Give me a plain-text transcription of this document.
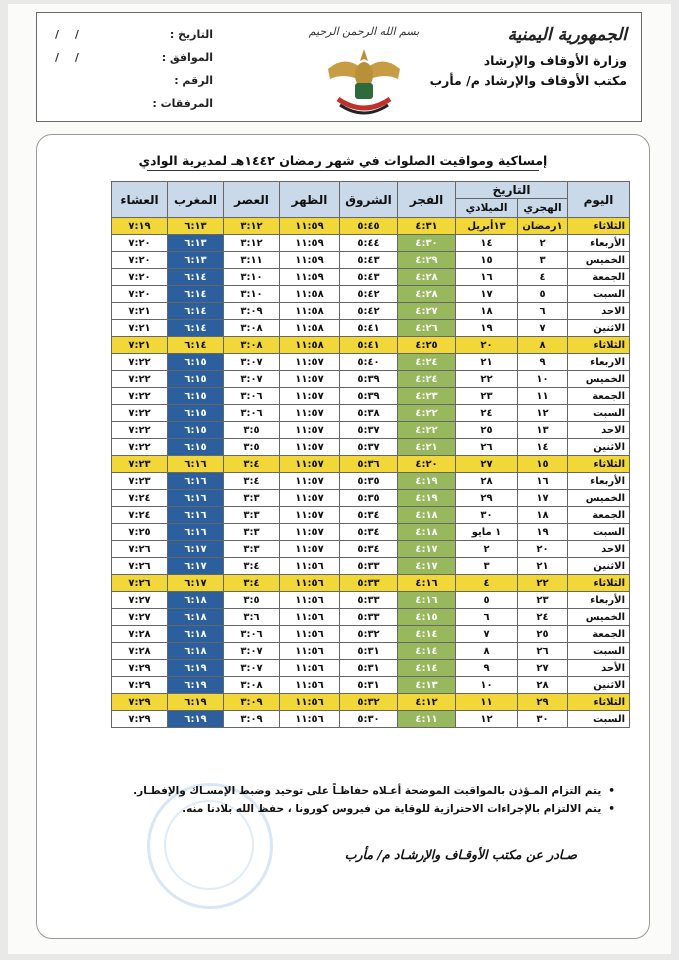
الجمهورية اليمنية
وزارة الأوقاف والإرشاد
مكتب الأوقاف والإرشاد م/ مأرب
بسم الله الرحمن الرحيم
التاريخ :
/ /
الموافق :
/ /
الرقم :
المرفقات :
إمساكية ومواقيت الصلوات في شهر رمضان ١٤٤٢هـ لمديرية الوادي
اليوم	التاريخ		الفجر	الشروق	الظهر	العصر	المغرب	العشاء
	الهجري	الميلادي						
الثلاثاء	١رمضان	١٣أبريل	٤:٣١	٥:٤٥	١١:٥٩	٣:١٢	٦:١٣	٧:١٩
الأربعاء	٢	١٤	٤:٣٠	٥:٤٤	١١:٥٩	٣:١٢	٦:١٣	٧:٢٠
الخميس	٣	١٥	٤:٢٩	٥:٤٣	١١:٥٩	٣:١١	٦:١٣	٧:٢٠
الجمعة	٤	١٦	٤:٢٨	٥:٤٣	١١:٥٩	٣:١٠	٦:١٤	٧:٢٠
السبت	٥	١٧	٤:٢٨	٥:٤٢	١١:٥٨	٣:١٠	٦:١٤	٧:٢٠
الاحد	٦	١٨	٤:٢٧	٥:٤٢	١١:٥٨	٣:٠٩	٦:١٤	٧:٢١
الاثنين	٧	١٩	٤:٢٦	٥:٤١	١١:٥٨	٣:٠٨	٦:١٤	٧:٢١
الثلاثاء	٨	٢٠	٤:٢٥	٥:٤١	١١:٥٨	٣:٠٨	٦:١٤	٧:٢١
الاربعاء	٩	٢١	٤:٢٤	٥:٤٠	١١:٥٧	٣:٠٧	٦:١٥	٧:٢٢
الخميس	١٠	٢٢	٤:٢٤	٥:٣٩	١١:٥٧	٣:٠٧	٦:١٥	٧:٢٢
الجمعة	١١	٢٣	٤:٢٣	٥:٣٩	١١:٥٧	٣:٠٦	٦:١٥	٧:٢٢
السبت	١٢	٢٤	٤:٢٢	٥:٣٨	١١:٥٧	٣:٠٦	٦:١٥	٧:٢٢
الاحد	١٣	٢٥	٤:٢٢	٥:٣٧	١١:٥٧	٣:٥	٦:١٥	٧:٢٢
الاثنين	١٤	٢٦	٤:٢١	٥:٣٧	١١:٥٧	٣:٥	٦:١٥	٧:٢٢
الثلاثاء	١٥	٢٧	٤:٢٠	٥:٣٦	١١:٥٧	٣:٤	٦:١٦	٧:٢٣
الأربعاء	١٦	٢٨	٤:١٩	٥:٣٥	١١:٥٧	٣:٤	٦:١٦	٧:٢٣
الخميس	١٧	٢٩	٤:١٩	٥:٣٥	١١:٥٧	٣:٣	٦:١٦	٧:٢٤
الجمعة	١٨	٣٠	٤:١٨	٥:٣٤	١١:٥٧	٣:٣	٦:١٦	٧:٢٤
السبت	١٩	١ مايو	٤:١٨	٥:٣٤	١١:٥٧	٣:٣	٦:١٦	٧:٢٥
الاحد	٢٠	٢	٤:١٧	٥:٣٤	١١:٥٧	٣:٣	٦:١٧	٧:٢٦
الاثنين	٢١	٣	٤:١٧	٥:٣٣	١١:٥٦	٣:٤	٦:١٧	٧:٢٦
الثلاثاء	٢٢	٤	٤:١٦	٥:٣٣	١١:٥٦	٣:٤	٦:١٧	٧:٢٦
الأربعاء	٢٣	٥	٤:١٦	٥:٣٣	١١:٥٦	٣:٥	٦:١٨	٧:٢٧
الخميس	٢٤	٦	٤:١٥	٥:٣٣	١١:٥٦	٣:٦	٦:١٨	٧:٢٧
الجمعة	٢٥	٧	٤:١٤	٥:٣٢	١١:٥٦	٣:٠٦	٦:١٨	٧:٢٨
السبت	٢٦	٨	٤:١٤	٥:٣١	١١:٥٦	٣:٠٧	٦:١٨	٧:٢٨
الأحد	٢٧	٩	٤:١٤	٥:٣١	١١:٥٦	٣:٠٧	٦:١٩	٧:٢٩
الاثنين	٢٨	١٠	٤:١٣	٥:٣١	١١:٥٦	٣:٠٨	٦:١٩	٧:٢٩
الثلاثاء	٢٩	١١	٤:١٢	٥:٣٢	١١:٥٦	٣:٠٩	٦:١٩	٧:٢٩
السبت	٣٠	١٢	٤:١١	٥:٣٠	١١:٥٦	٣:٠٩	٦:١٩	٧:٢٩
• يتم التزام المـؤذن بالمواقيت الموضحة أعـلاه حفاظـاً على توحيد وضبط الإمسـاك والإفطـار.
• يتم الالتزام بالإجراءات الاحترازية للوقاية من فيروس كورونا ، حفظ الله بلادنا منه.
صـادر عن مكتب الأوقـاف والإرشـاد م/ مأرب
